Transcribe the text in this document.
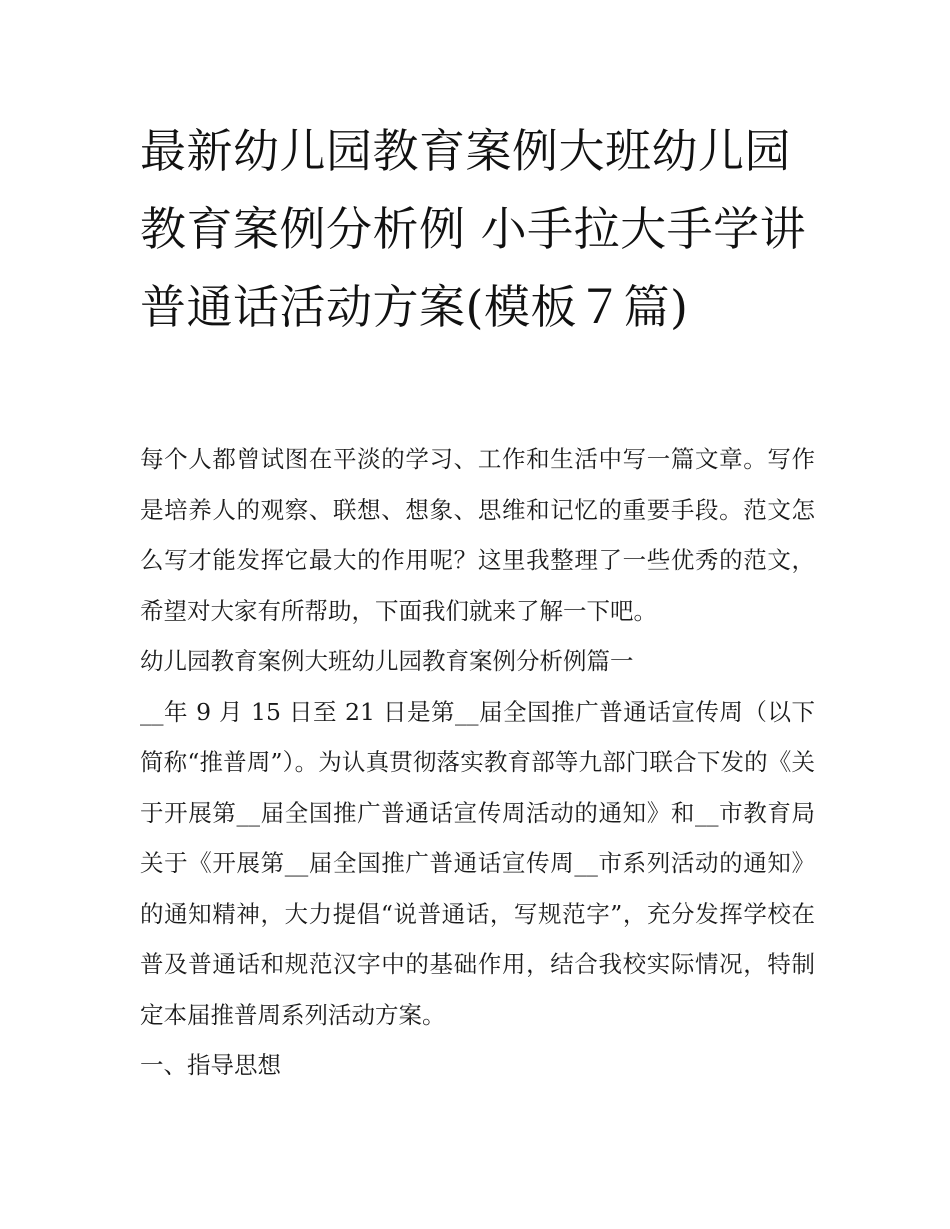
最新幼儿园教育案例大班幼儿园教育案例分析例 小手拉大手学讲普通话活动方案(模板７篇)

每个人都曾试图在平淡的学习、工作和生活中写一篇文章。写作是培养人的观察、联想、想象、思维和记忆的重要手段。范文怎么写才能发挥它最大的作用呢？这里我整理了一些优秀的范文，希望对大家有所帮助，下面我们就来了解一下吧。

幼儿园教育案例大班幼儿园教育案例分析例篇一

__年 9 月 15 日至 21 日是第__届全国推广普通话宣传周（以下简称“推普周”）。为认真贯彻落实教育部等九部门联合下发的《关于开展第__届全国推广普通话宣传周活动的通知》和__市教育局关于《开展第__届全国推广普通话宣传周__市系列活动的通知》的通知精神，大力提倡“说普通话，写规范字”，充分发挥学校在普及普通话和规范汉字中的基础作用，结合我校实际情况，特制定本届推普周系列活动方案。

一、指导思想
